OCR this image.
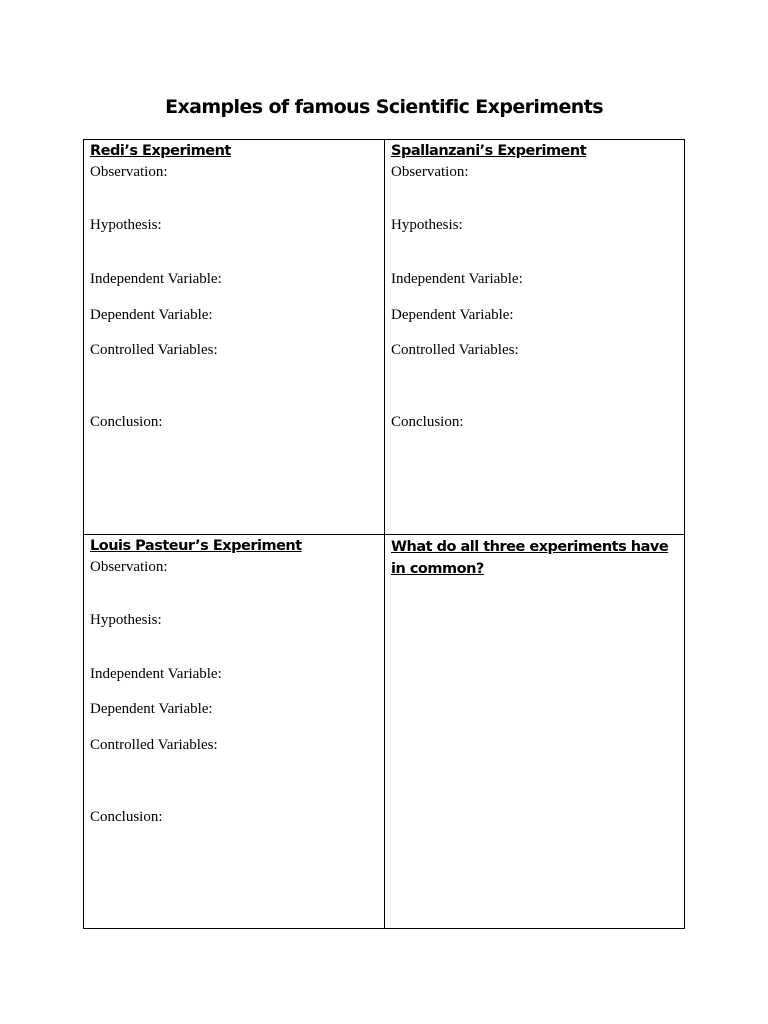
Examples of famous Scientific Experiments
Redi’s Experiment
Observation:
Hypothesis:
Independent Variable:
Dependent Variable:
Controlled Variables:
Conclusion:
Spallanzani’s Experiment
Observation:
Hypothesis:
Independent Variable:
Dependent Variable:
Controlled Variables:
Conclusion:
Louis Pasteur’s Experiment
Observation:
Hypothesis:
Independent Variable:
Dependent Variable:
Controlled Variables:
Conclusion:
What do all three experiments have in common?
